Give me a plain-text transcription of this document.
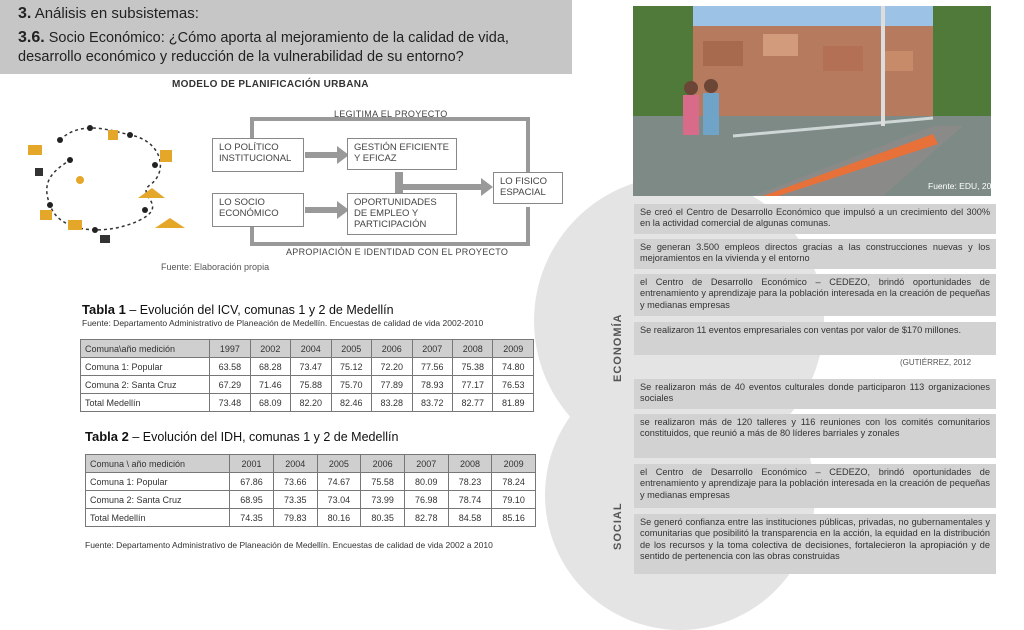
3. Análisis en subsistemas:
3.6. Socio Económico: ¿Cómo aporta al mejoramiento de la calidad de vida, desarrollo económico y reducción de la vulnerabilidad de su entorno?
MODELO DE PLANIFICACIÓN URBANA
LEGITIMA EL PROYECTO
APROPIACIÓN E IDENTIDAD CON EL PROYECTO
LO POLÍTICO INSTITUCIONAL
GESTIÓN EFICIENTE Y EFICAZ
LO SOCIO ECONÓMICO
OPORTUNIDADES DE EMPLEO Y PARTICIPACIÓN
LO FISICO ESPACIAL
Fuente: Elaboración propia
Tabla 1 – Evolución del ICV, comunas 1 y 2 de Medellín
Fuente: Departamento Administrativo de Planeación de Medellín. Encuestas de calidad de vida 2002-2010
Comuna\año medición	1997	2002	2004	2005	2006	2007	2008	2009
Comuna 1: Popular	63.58	68.28	73.47	75.12	72.20	77.56	75.38	74.80
Comuna 2: Santa Cruz	67.29	71.46	75.88	75.70	77.89	78.93	77.17	76.53
Total Medellín	73.48	68.09	82.20	82.46	83.28	83.72	82.77	81.89
Tabla 2 – Evolución del IDH, comunas 1 y 2 de Medellín
Comuna \ año medición	2001	2004	2005	2006	2007	2008	2009
Comuna 1: Popular	67.86	73.66	74.67	75.58	80.09	78.23	78.24
Comuna 2: Santa Cruz	68.95	73.35	73.04	73.99	76.98	78.74	79.10
Total Medellín	74.35	79.83	80.16	80.35	82.78	84.58	85.16
Fuente: Departamento Administrativo de Planeación de Medellín. Encuestas de calidad de vida 2002 a 2010
Fuente: EDU, 2008
ECONOMÍA
SOCIAL
Se creó el Centro de Desarrollo Económico que impulsó a un crecimiento del 300% en la actividad comercial de algunas comunas.
Se generan 3.500 empleos directos gracias a las construcciones nuevas y los mejoramientos en la vivienda y el entorno
el Centro de Desarrollo Económico – CEDEZO, brindó oportunidades de entrenamiento y aprendizaje para la población interesada en la creación de pequeñas y medianas empresas
Se realizaron 11 eventos empresariales con ventas por valor de $170 millones.
(GUTIÉRREZ, 2012
Se realizaron más de 40 eventos culturales donde participaron 113 organizaciones sociales
se realizaron más de 120 talleres y 116 reuniones con los comités comunitarios constituidos, que reunió a más de 80 líderes barriales y zonales
el Centro de Desarrollo Económico – CEDEZO, brindó oportunidades de entrenamiento y aprendizaje para la población interesada en la creación de pequeñas y medianas empresas
Se generó confianza entre las instituciones públicas, privadas, no gubernamentales y comunitarias que posibilitó la transparencia en la acción, la equidad en la distribución de los recursos y la toma colectiva de decisiones, fortalecieron la apropiación y de sentido de pertenencia con las obras construidas
